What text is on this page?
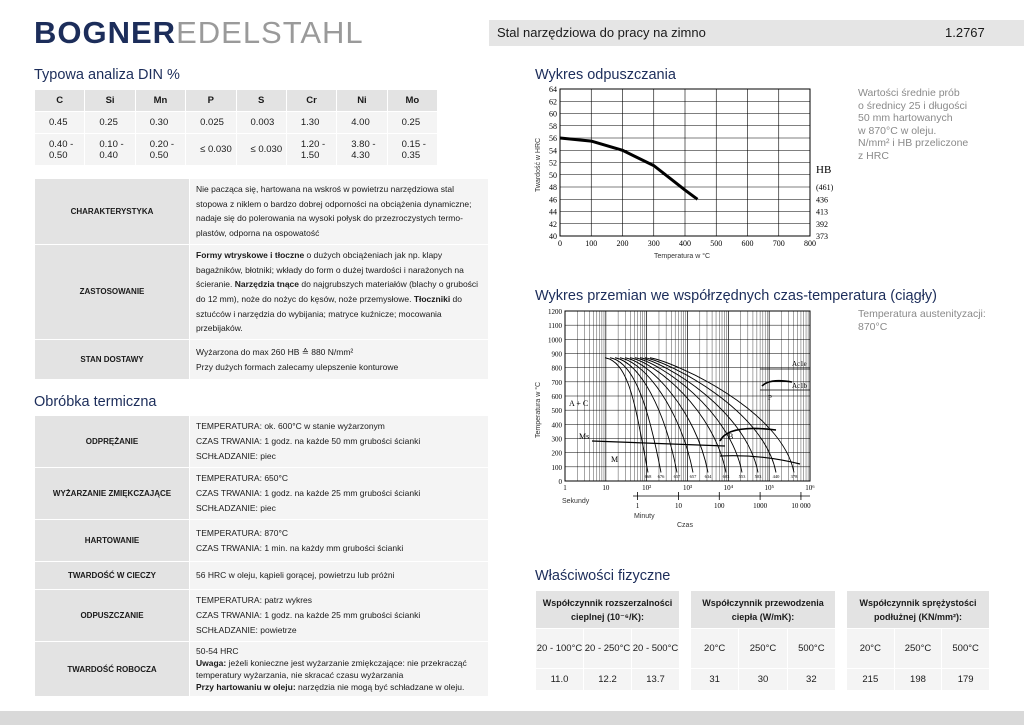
BOGNEREDELSTAHL	Stal narzędziowa do pracy na zimno	1.2767
Typowa analiza DIN %
C	Si	Mn	P	S	Cr	Ni	Mo
0.45	0.25	0.30	0.025	0.003	1.30	4.00	0.25
0.40 - 0.50	0.10 - 0.40	0.20 - 0.50	≤ 0.030	≤ 0.030	1.20 - 1.50	3.80 - 4.30	0.15 - 0.35
CHARAKTERYSTYKA	Nie pacząca się, hartowana na wskroś w powietrzu narzędziowa stal stopowa z niklem o bardzo dobrej odporności na obciążenia dynamiczne; nadaje się do polerowania na wysoki połysk do przezroczystych termo-plastów, odporna na ospowatość
ZASTOSOWANIE	Formy wtryskowe i tłoczne o dużych obciążeniach jak np. klapy bagażników, błotniki; wkłady do form o dużej twardości i narażonych na ścieranie. Narzędzia tnące do najgrubszych materiałów (blachy o grubości do 12 mm), noże do nożyc do kęsów, noże przemysłowe. Tłoczniki do sztućców i narzędzia do wybijania; matryce kuźnicze; mocowania przebijaków.
STAN DOSTAWY	Wyżarzona do max 260 HB ≙ 880 N/mm²

Przy dużych formach zalecamy ulepszenie konturowe

Obróbka termiczna
ODPRĘŻANIE	TEMPERATURA: ok. 600°C w stanie wyżarzonym

CZAS TRWANIA: 1 godz. na każde 50 mm grubości ścianki

SCHŁADZANIE: piec

WYŻARZANIE ZMIĘKCZAJĄCE	TEMPERATURA: 650°C

CZAS TRWANIA: 1 godz. na każde 25 mm grubości ścianki

SCHŁADZANIE: piec

HARTOWANIE	TEMPERATURA: 870°C

CZAS TRWANIA: 1 min. na każdy mm grubości ścianki

TWARDOŚĆ W CIECZY	56 HRC w oleju, kąpieli gorącej, powietrzu lub próżni
ODPUSZCZANIE	TEMPERATURA: patrz wykres

CZAS TRWANIA: 1 godz. na każde 25 mm grubości ścianki

SCHŁADZANIE: powietrze

TWARDOŚĆ ROBOCZA	50-54 HRC

Uwaga: jeżeli konieczne jest wyżarzanie zmiękczające: nie przekracząć temperatury wyżarzania, nie skracać czasu wyżarzania

Przy hartowaniu w oleju: narzędzia nie mogą być schładzane w oleju.

Wykres odpuszczania
40
42
44
46
48
50
52
54
56
58
60
62
64
0	100 200 300 400 500 600 700 800
(461)
436
413
392
373
HB
Temperatura w °C
Twardość w HRC
Wartości średnie prób
o średnicy 25 i długości
50 mm hartowanych
w 870°C w oleju.
N/mm² i HB przeliczone
z HRC
Wykres przemian we współrzędnych czas-temperatura (ciągły)
0
100
200
300
400
500
600
700
800
900
1000
1100
1200
1	10	10²	10³	10⁴	10⁵	10⁶
1	10	100	1000	10 000
Ac1e
Ac1b
A + C
Ms
M
B
P
668 676 657 657 634	603 553 503	440	378
Temperatura w °C
Sekundy
Minuty
Czas
Temperatura austenityzacji:
870°C
Właściwości fizyczne
Współczynnik rozszerzalności cieplnej (10⁻⁶/K):		
20 - 100°C	20 - 250°C	20 - 500°C
11.0	12.2	13.7
Współczynnik przewodzenia ciepła (W/mK):		
20°C	250°C	500°C
31	30	32
Współczynnik sprężystości podłużnej (KN/mm²):		
20°C	250°C	500°C
215	198	179
